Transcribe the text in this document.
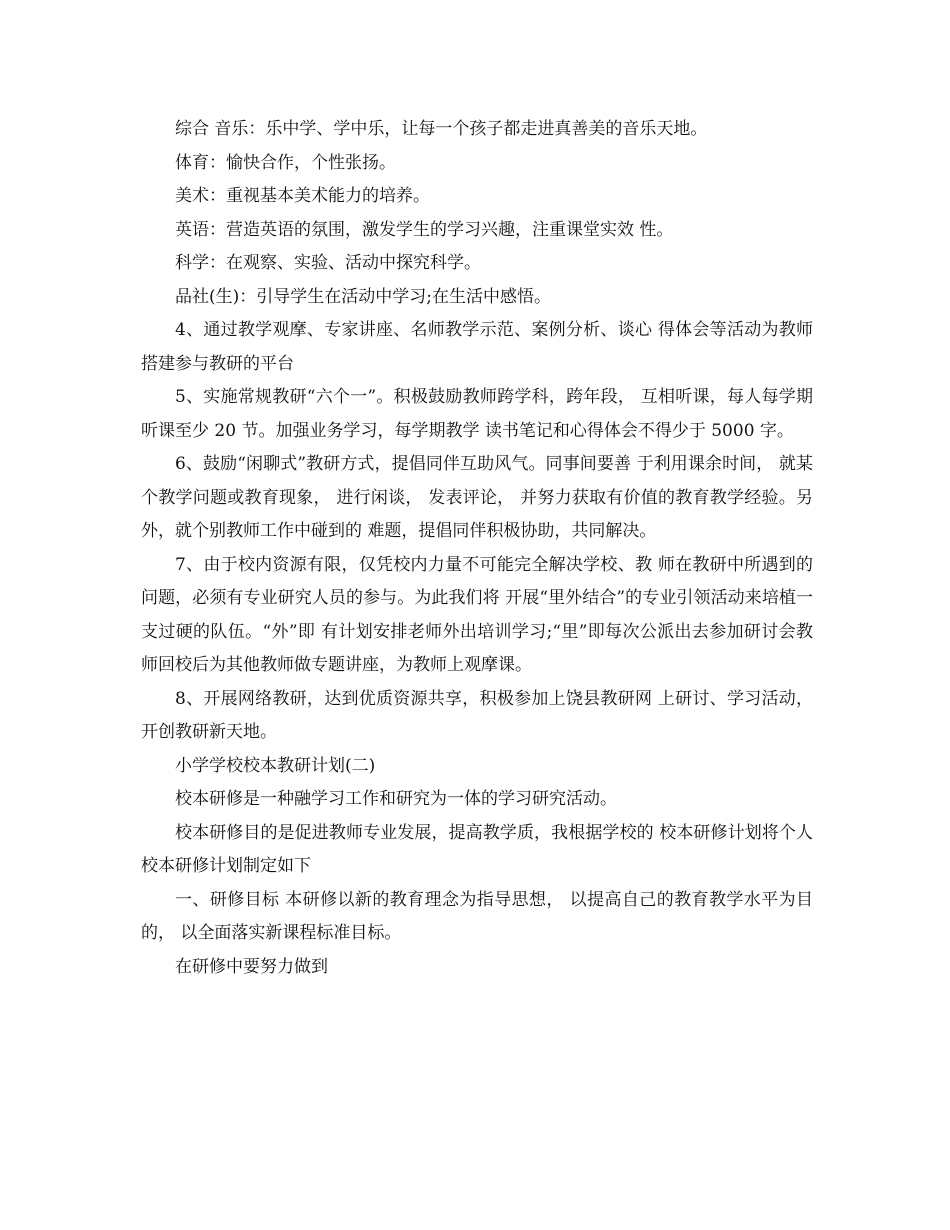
综合 音乐：乐中学、学中乐，让每一个孩子都走进真善美的音乐天地。

体育：愉快合作，个性张扬。

美术：重视基本美术能力的培养。

英语：营造英语的氛围，激发学生的学习兴趣，注重课堂实效 性。

科学：在观察、实验、活动中探究科学。

品社(生)：引导学生在活动中学习;在生活中感悟。

4、通过教学观摩、专家讲座、名师教学示范、案例分析、谈心 得体会等活动为教师搭建参与教研的平台

5、实施常规教研“六个一”。积极鼓励教师跨学科，跨年段， 互相听课，每人每学期听课至少 20 节。加强业务学习，每学期教学 读书笔记和心得体会不得少于 5000 字。

6、鼓励“闲聊式”教研方式，提倡同伴互助风气。同事间要善 于利用课余时间， 就某个教学问题或教育现象， 进行闲谈， 发表评论， 并努力获取有价值的教育教学经验。另外，就个别教师工作中碰到的 难题，提倡同伴积极协助，共同解决。

7、由于校内资源有限，仅凭校内力量不可能完全解决学校、教 师在教研中所遇到的问题，必须有专业研究人员的参与。为此我们将 开展“里外结合”的专业引领活动来培植一支过硬的队伍。“外”即 有计划安排老师外出培训学习;“里”即每次公派出去参加研讨会教 师回校后为其他教师做专题讲座，为教师上观摩课。

8、开展网络教研，达到优质资源共享，积极参加上饶县教研网 上研讨、学习活动，开创教研新天地。

小学学校校本教研计划(二)

校本研修是一种融学习工作和研究为一体的学习研究活动。

校本研修目的是促进教师专业发展，提高教学质，我根据学校的 校本研修计划将个人校本研修计划制定如下

一、研修目标 本研修以新的教育理念为指导思想， 以提高自己的教育教学水平为目的， 以全面落实新课程标准目标。

在研修中要努力做到
